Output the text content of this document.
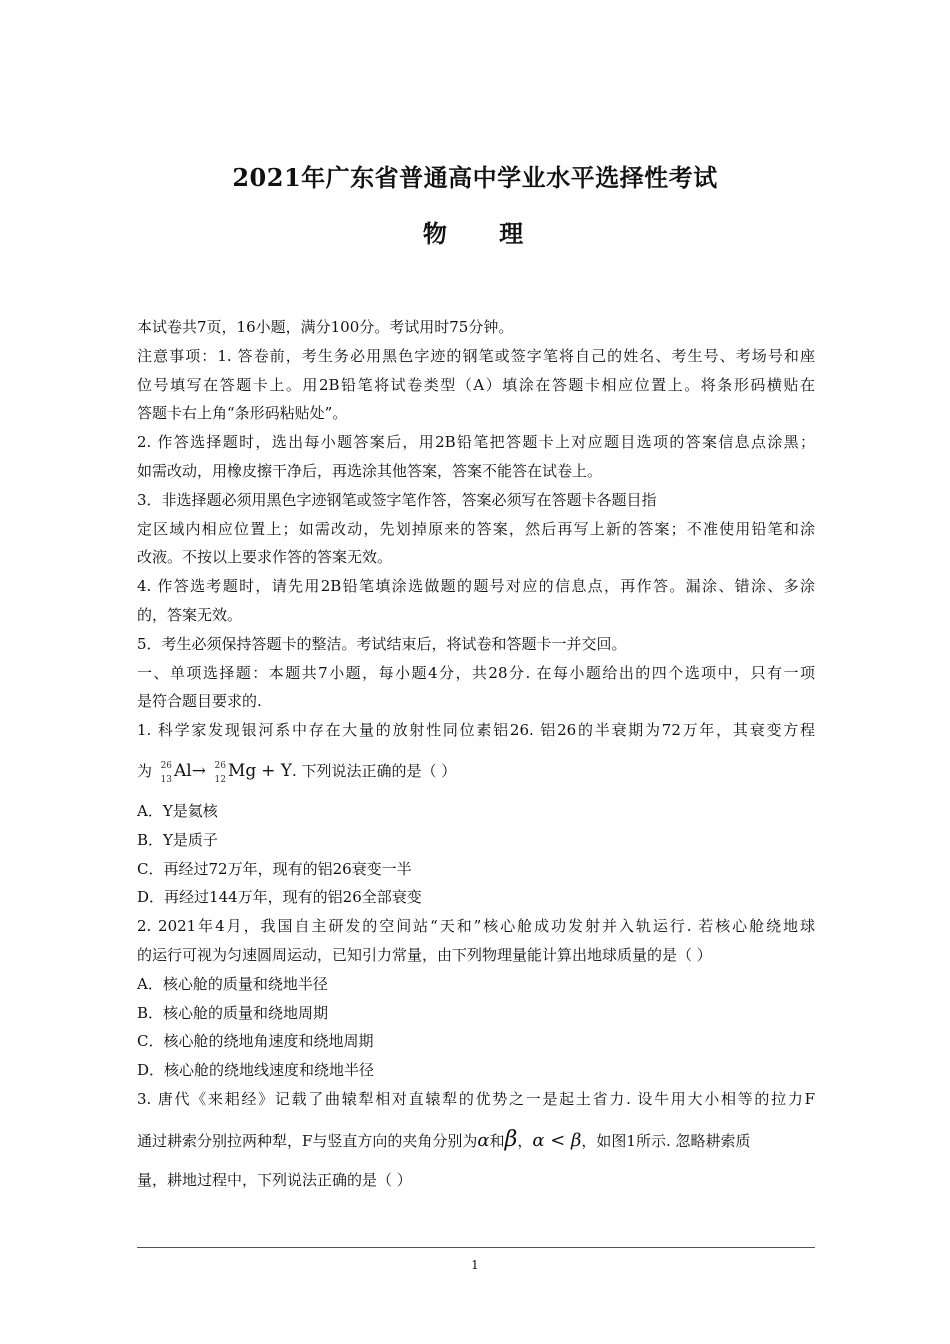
2021年广东省普通高中学业水平选择性考试
物 理
本试卷共7页，16小题，满分100分。考试用时75分钟。
注意事项：1. 答卷前，考生务必用黑色字迹的钢笔或签字笔将自己的姓名、考生号、考场号和座
位号填写在答题卡上。用2B铅笔将试卷类型（A）填涂在答题卡相应位置上。将条形码横贴在
答题卡右上角“条形码粘贴处”。
2. 作答选择题时，选出每小题答案后，用2B铅笔把答题卡上对应题目选项的答案信息点涂黑；
如需改动，用橡皮擦干净后，再选涂其他答案，答案不能答在试卷上。
3．非选择题必须用黑色字迹钢笔或签字笔作答，答案必须写在答题卡各题目指
定区域内相应位置上；如需改动，先划掉原来的答案，然后再写上新的答案；不准使用铅笔和涂
改液。不按以上要求作答的答案无效。
4. 作答选考题时，请先用2B铅笔填涂选做题的题号对应的信息点，再作答。漏涂、错涂、多涂
的，答案无效。
5．考生必须保持答题卡的整洁。考试结束后，将试卷和答题卡一并交回。
一、单项选择题：本题共7小题，每小题4分，共28分. 在每小题给出的四个选项中，只有一项
是符合题目要求的.
1. 科学家发现银河系中存在大量的放射性同位素铝26. 铝26的半衰期为72万年，其衰变方程
为 26
13 Al→ 26
12 Mg + Y. 下列说法正确的是（ ）
A．Y是氦核
B．Y是质子
C．再经过72万年，现有的铝26衰变一半
D．再经过144万年，现有的铝26全部衰变
2. 2021年4月，我国自主研发的空间站“天和”核心舱成功发射并入轨运行. 若核心舱绕地球
的运行可视为匀速圆周运动，已知引力常量，由下列物理量能计算出地球质量的是（ ）
A．核心舱的质量和绕地半径
B．核心舱的质量和绕地周期
C．核心舱的绕地角速度和绕地周期
D．核心舱的绕地线速度和绕地半径
3. 唐代《来耜经》记载了曲辕犁相对直辕犁的优势之一是起土省力. 设牛用大小相等的拉力F
通过耕索分别拉两种犁，F与竖直方向的夹角分别为α和β，α < β，如图1所示. 忽略耕索质
量，耕地过程中，下列说法正确的是（ ）
1
